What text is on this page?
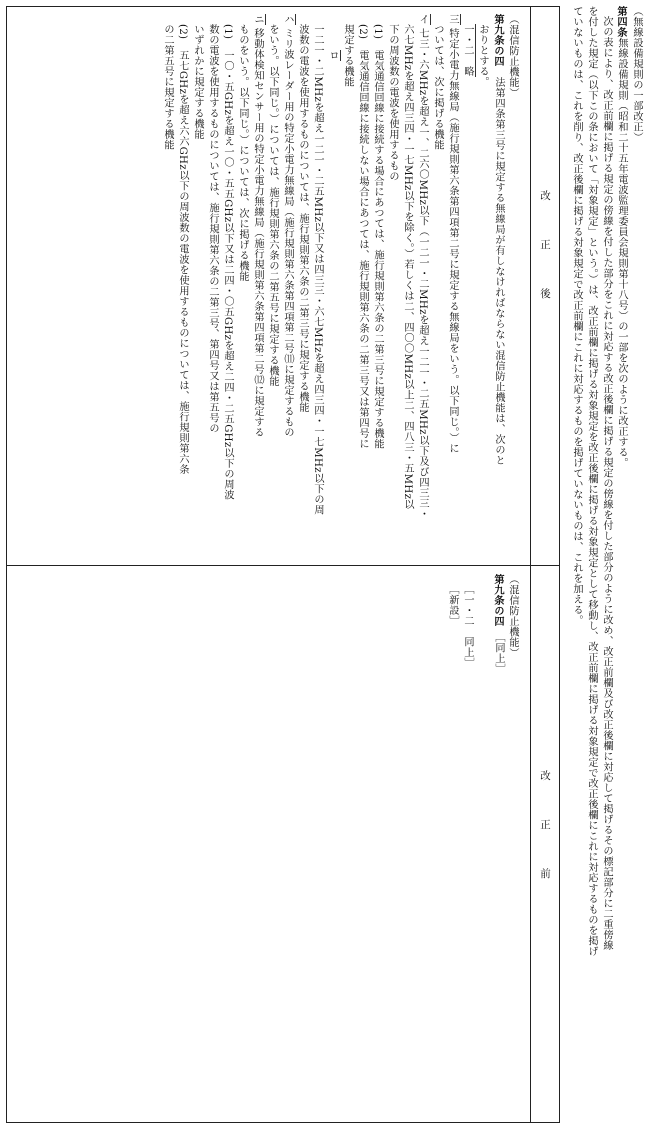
（無線設備規則の一部改正）
第四条無線設備規則（昭和二十五年電波監理委員会規則第十八号）の一部を次のように改正する。
次の表により、改正前欄に掲げる規定の傍線を付した部分をこれに対応する改正後欄に掲げる規定の傍線を付した部分のように改め、改正前欄及び改正後欄に対応して掲げるその標記部分に二重傍線
を付した規定（以下この条において「対象規定」という。）は、改正前欄に掲げる対象規定を改正後欄に掲げる対象規定として移動し、改正前欄に掲げる対象規定で改正後欄にこれに対応するものを掲げ
ていないものは、これを削り、改正後欄に掲げる対象規定で改正前欄にこれに対応するものを掲げていないものは、これを加える。
改　正　後
改　正　前
（混信防止機能）
第九条の四　法第四条第三号に規定する無線局が有しなければならない混信防止機能は、次のと
おりとする。
一・二　略
三
特定小電力無線局（施行規則第六条第四項第二号に規定する無線局をいう。以下同じ。）に
ついては、次に掲げる機能
イ
七三・六MHzを超え一、二六〇MHz以下（一二一・二MHzを超え一二一・二五MHz以下及び四三三・
六七MHzを超え四三四・一七MHz以下を除く。）若しくは二、四〇〇MHz以上二、四八三・五MHz以
下の周波数の電波を使用するもの
(1)　電気通信回線に接続する場合にあつては、施行規則第六条の二第三号に規定する機能
(2)　電気通信回線に接続しない場合にあつては、施行規則第六条の二第三号又は第四号に
規定する機能
ロ
一二一・二MHzを超え一二一・二五MHz以下又は四三三・六七MHzを超え四三四・一七MHz以下の周
波数の電波を使用するものについては、施行規則第六条の二第三号に規定する機能
ハ
ミリ波レーダー用の特定小電力無線局（施行規則第六条第四項第二号⑾に規定するもの
をいう。以下同じ。）については、施行規則第六条の二第五号に規定する機能
ニ
移動体検知センサー用の特定小電力無線局（施行規則第六条第四項第二号⑿に規定する
ものをいう。以下同じ。）については、次に掲げる機能
(1)　一〇・五GHzを超え一〇・五五GHz以下又は二四・〇五GHzを超え二四・二五GHz以下の周波
数の電波を使用するものについては、施行規則第六条の二第三号、第四号又は第五号の
いずれかに規定する機能
(2)　五七GHzを超え六六GHz以下の周波数の電波を使用するものについては、施行規則第六条
の二第五号に規定する機能
（混信防止機能）
第九条の四　［同上］
［一・二　同上］
［新設］
